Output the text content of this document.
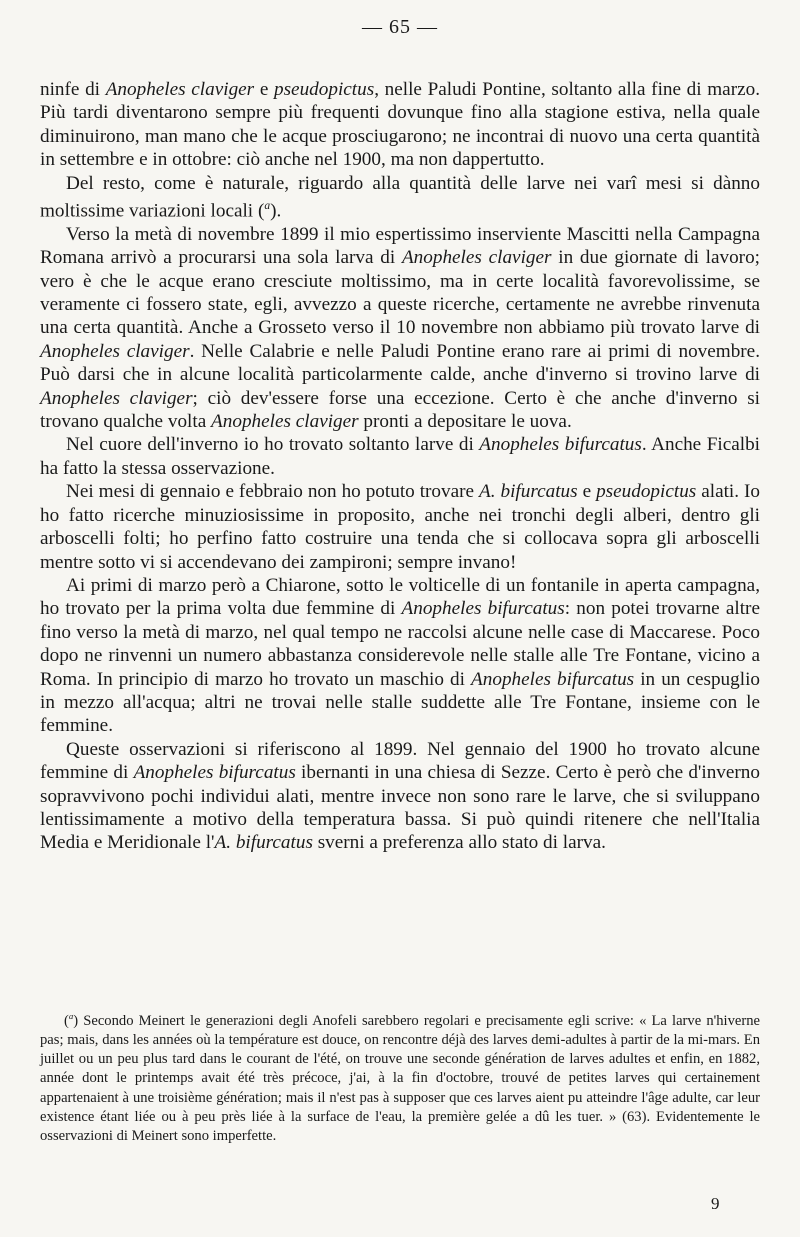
— 65 —

ninfe di Anopheles claviger e pseudopictus, nelle Paludi Pontine, soltanto alla fine di marzo. Più tardi diventarono sempre più frequenti dovunque fino alla stagione estiva, nella quale diminuirono, man mano che le acque prosciugarono; ne incontrai di nuovo una certa quantità in settembre e in ottobre: ciò anche nel 1900, ma non dappertutto.

Del resto, come è naturale, riguardo alla quantità delle larve nei varî mesi si dànno moltissime variazioni locali ($^a$).

Verso la metà di novembre 1899 il mio espertissimo inserviente Mascitti nella Campagna Romana arrivò a procurarsi una sola larva di Anopheles claviger in due giornate di lavoro; vero è che le acque erano cresciute moltissimo, ma in certe località favorevolissime, se veramente ci fossero state, egli, avvezzo a queste ricerche, certamente ne avrebbe rinvenuta una certa quantità. Anche a Grosseto verso il 10 novembre non abbiamo più trovato larve di Anopheles claviger. Nelle Calabrie e nelle Paludi Pontine erano rare ai primi di novembre. Può darsi che in alcune località particolarmente calde, anche d'inverno si trovino larve di Anopheles claviger; ciò dev'essere forse una eccezione. Certo è che anche d'inverno si trovano qualche volta Anopheles claviger pronti a depositare le uova.

Nel cuore dell'inverno io ho trovato soltanto larve di Anopheles bifurcatus. Anche Ficalbi ha fatto la stessa osservazione.

Nei mesi di gennaio e febbraio non ho potuto trovare A. bifurcatus e pseudopictus alati. Io ho fatto ricerche minuziosissime in proposito, anche nei tronchi degli alberi, dentro gli arboscelli folti; ho perfino fatto costruire una tenda che si collocava sopra gli arboscelli mentre sotto vi si accendevano dei zampironi; sempre invano!

Ai primi di marzo però a Chiarone, sotto le volticelle di un fontanile in aperta campagna, ho trovato per la prima volta due femmine di Anopheles bifurcatus: non potei trovarne altre fino verso la metà di marzo, nel qual tempo ne raccolsi alcune nelle case di Maccarese. Poco dopo ne rinvenni un numero abbastanza considerevole nelle stalle alle Tre Fontane, vicino a Roma. In principio di marzo ho trovato un maschio di Anopheles bifurcatus in un cespuglio in mezzo all'acqua; altri ne trovai nelle stalle suddette alle Tre Fontane, insieme con le femmine.

Queste osservazioni si riferiscono al 1899. Nel gennaio del 1900 ho trovato alcune femmine di Anopheles bifurcatus ibernanti in una chiesa di Sezze. Certo è però che d'inverno sopravvivono pochi individui alati, mentre invece non sono rare le larve, che si sviluppano lentissimamente a motivo della temperatura bassa. Si può quindi ritenere che nell'Italia Media e Meridionale l'A. bifurcatus sverni a preferenza allo stato di larva.

($^a$) Secondo Meinert le generazioni degli Anofeli sarebbero regolari e precisamente egli scrive: « La larve n'hiverne pas; mais, dans les années où la température est douce, on rencontre déjà des larves demi-adultes à partir de la mi-mars. En juillet ou un peu plus tard dans le courant de l'été, on trouve une seconde génération de larves adultes et enfin, en 1882, année dont le printemps avait été très précoce, j'ai, à la fin d'octobre, trouvé de petites larves qui certainement appartenaient à une troisième génération; mais il n'est pas à supposer que ces larves aient pu atteindre l'âge adulte, car leur existence étant liée ou à peu près liée à la surface de l'eau, la première gelée a dû les tuer. » (63). Evidentemente le osservazioni di Meinert sono imperfette.

9
